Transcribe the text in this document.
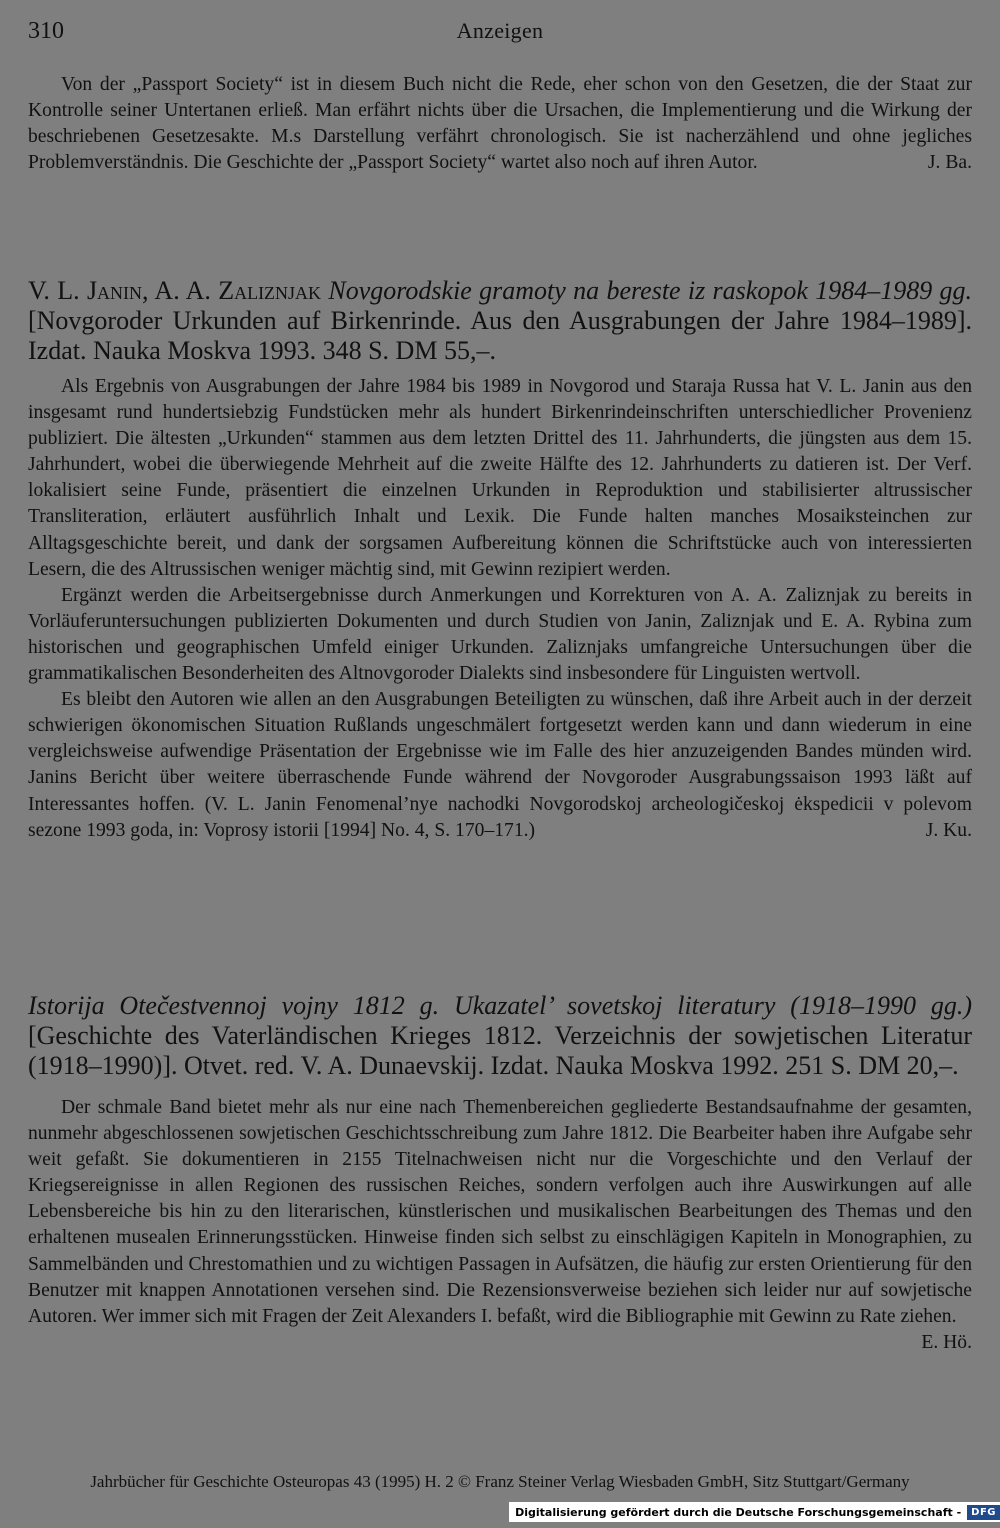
310	Anzeigen

Von der „Passport Society“ ist in diesem Buch nicht die Rede, eher schon von den Gesetzen, die der Staat zur Kontrolle seiner Untertanen erließ. Man erfährt nichts über die Ursachen, die Implementierung und die Wirkung der beschriebenen Gesetzesakte. M.s Darstellung verfährt chronologisch. Sie ist nacherzählend und ohne jegliches Problemverständnis. Die Geschichte der „Passport Society“ wartet also noch auf ihren Autor.	J. Ba.

V. L. Janin, A. A. Zaliznjak Novgorodskie gramoty na bereste iz raskopok 1984–1989 gg. [Novgoroder Urkunden auf Birkenrinde. Aus den Ausgrabungen der Jahre 1984–1989]. Izdat. Nauka Moskva 1993. 348 S. DM 55,–.

Als Ergebnis von Ausgrabungen der Jahre 1984 bis 1989 in Novgorod und Staraja Russa hat V. L. Janin aus den insgesamt rund hundertsiebzig Fundstücken mehr als hundert Birkenrindeinschriften unterschiedlicher Provenienz publiziert. Die ältesten „Urkunden“ stammen aus dem letzten Drittel des 11. Jahrhunderts, die jüngsten aus dem 15. Jahrhundert, wobei die überwiegende Mehrheit auf die zweite Hälfte des 12. Jahrhunderts zu datieren ist. Der Verf. lokalisiert seine Funde, präsentiert die einzelnen Urkunden in Reproduktion und stabilisierter altrussischer Transliteration, erläutert ausführlich Inhalt und Lexik. Die Funde halten manches Mosaiksteinchen zur Alltagsgeschichte bereit, und dank der sorgsamen Aufbereitung können die Schriftstücke auch von interessierten Lesern, die des Altrussischen weniger mächtig sind, mit Gewinn rezipiert werden.

Ergänzt werden die Arbeitsergebnisse durch Anmerkungen und Korrekturen von A. A. Zaliznjak zu bereits in Vorläuferuntersuchungen publizierten Dokumenten und durch Studien von Janin, Zaliznjak und E. A. Rybina zum historischen und geographischen Umfeld einiger Urkunden. Zaliznjaks umfangreiche Untersuchungen über die grammatikalischen Besonderheiten des Altnovgoroder Dialekts sind insbesondere für Linguisten wertvoll.

Es bleibt den Autoren wie allen an den Ausgrabungen Beteiligten zu wünschen, daß ihre Arbeit auch in der derzeit schwierigen ökonomischen Situation Rußlands ungeschmälert fortgesetzt werden kann und dann wiederum in eine vergleichsweise aufwendige Präsentation der Ergebnisse wie im Falle des hier anzuzeigenden Bandes münden wird. Janins Bericht über weitere überraschende Funde während der Novgoroder Ausgrabungssaison 1993 läßt auf Interessantes hoffen. (V. L. Janin Fenomenal’nye nachodki Novgorodskoj archeologičeskoj ėkspedicii v polevom sezone 1993 goda, in: Voprosy istorii [1994] No. 4, S. 170–171.)	J. Ku.

Istorija Otečestvennoj vojny 1812 g. Ukazatel’ sovetskoj literatury (1918–1990 gg.) [Geschichte des Vaterländischen Krieges 1812. Verzeichnis der sowjetischen Literatur (1918–1990)]. Otvet. red. V. A. Dunaevskij. Izdat. Nauka Moskva 1992. 251 S. DM 20,–.

Der schmale Band bietet mehr als nur eine nach Themenbereichen gegliederte Bestandsaufnahme der gesamten, nunmehr abgeschlossenen sowjetischen Geschichtsschreibung zum Jahre 1812. Die Bearbeiter haben ihre Aufgabe sehr weit gefaßt. Sie dokumentieren in 2155 Titelnachweisen nicht nur die Vorgeschichte und den Verlauf der Kriegsereignisse in allen Regionen des russischen Reiches, sondern verfolgen auch ihre Auswirkungen auf alle Lebensbereiche bis hin zu den literarischen, künstlerischen und musikalischen Bearbeitungen des Themas und den erhaltenen musealen Erinnerungsstücken. Hinweise finden sich selbst zu einschlägigen Kapiteln in Monographien, zu Sammelbänden und Chrestomathien und zu wichtigen Passagen in Aufsätzen, die häufig zur ersten Orientierung für den Benutzer mit knappen Annotationen versehen sind. Die Rezensionsverweise beziehen sich leider nur auf sowjetische Autoren. Wer immer sich mit Fragen der Zeit Alexanders I. befaßt, wird die Bibliographie mit Gewinn zu Rate ziehen.
E. Hö.

Jahrbücher für Geschichte Osteuropas 43 (1995) H. 2 © Franz Steiner Verlag Wiesbaden GmbH, Sitz Stuttgart/Germany
Digitalisierung gefördert durch die Deutsche Forschungsgemeinschaft -	DFG
